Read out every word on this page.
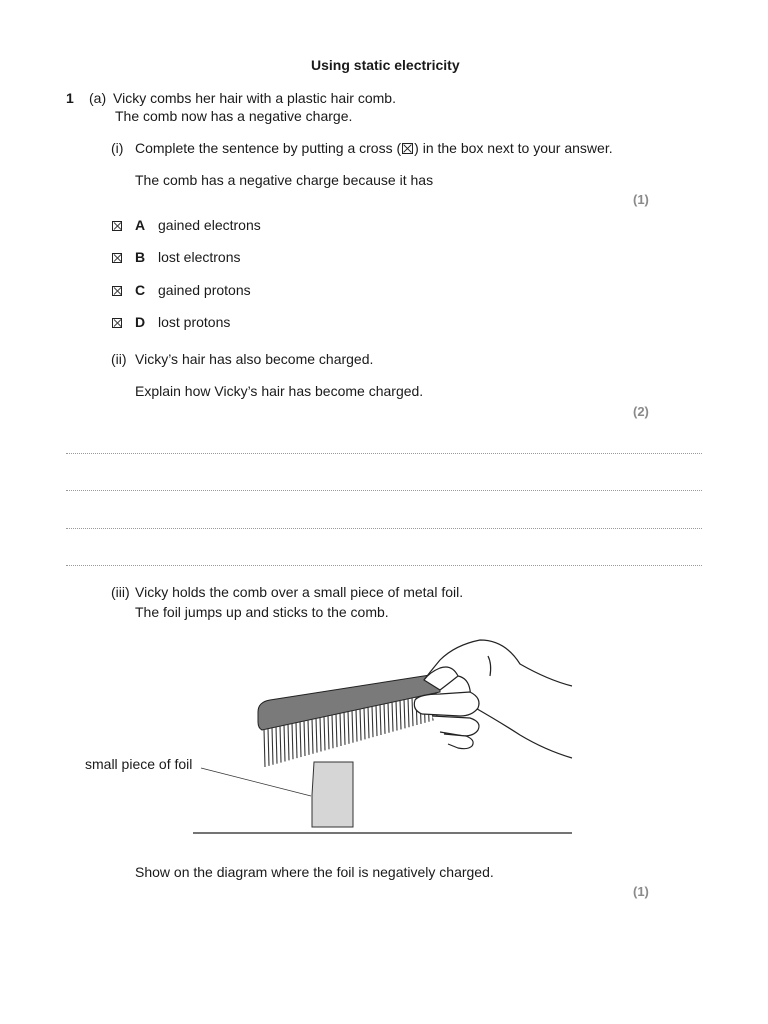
Using static electricity
1 (a) Vicky combs her hair with a plastic hair comb.
The comb now has a negative charge.
(i) Complete the sentence by putting a cross (☒) in the box next to your answer.
The comb has a negative charge because it has
(1)
A gained electrons
B lost electrons
C gained protons
D lost protons
(ii) Vicky’s hair has also become charged.
Explain how Vicky’s hair has become charged.
(2)
(iii) Vicky holds the comb over a small piece of metal foil.
The foil jumps up and sticks to the comb.
small piece of foil
Show on the diagram where the foil is negatively charged.
(1)
